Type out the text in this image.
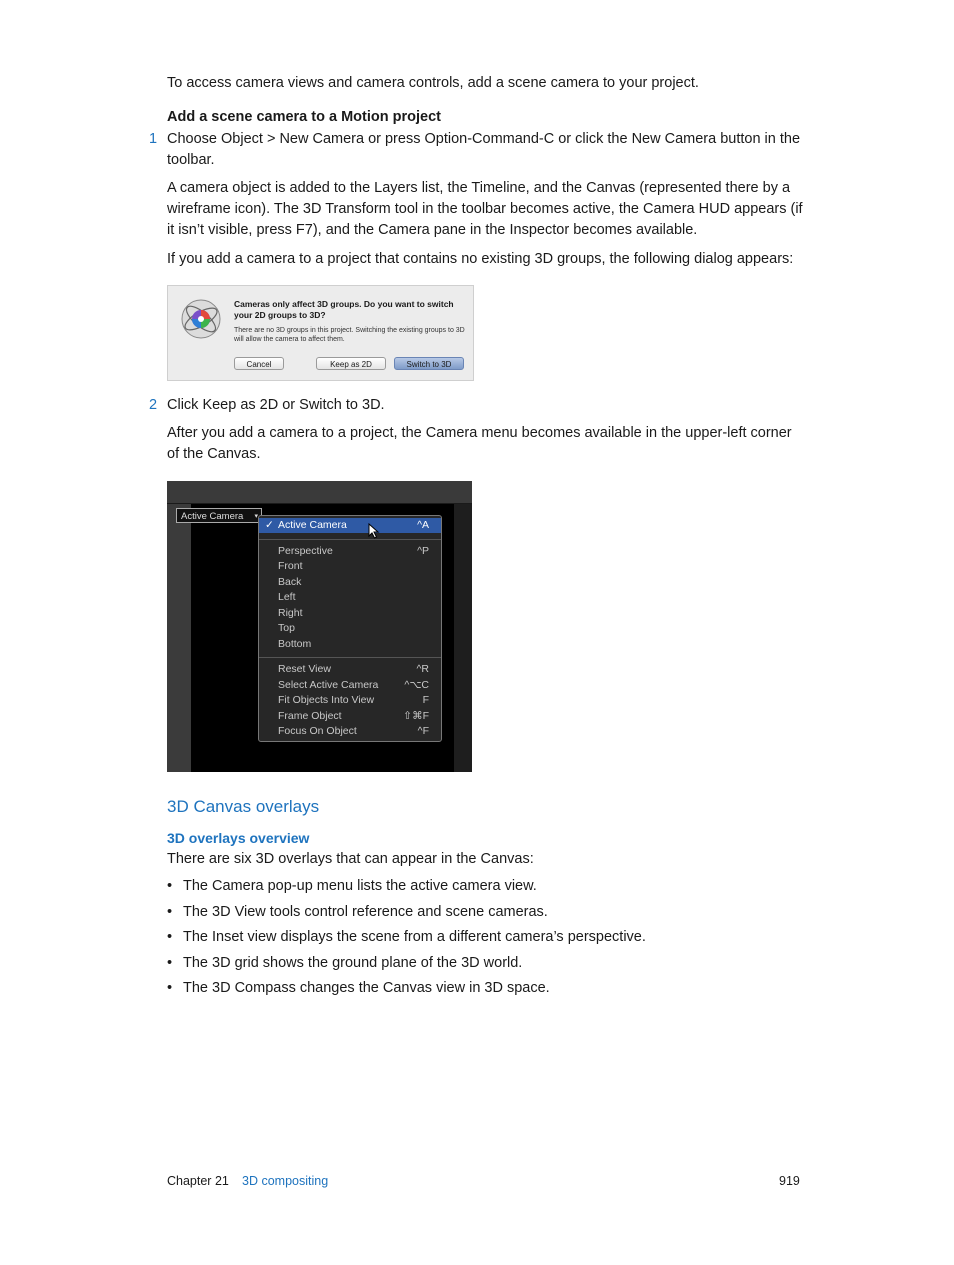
To access camera views and camera controls, add a scene camera to your project.

Add a scene camera to a Motion project
1 Choose Object > New Camera or press Option-Command-C or click the New Camera button in the toolbar.

A camera object is added to the Layers list, the Timeline, and the Canvas (represented there by a wireframe icon). The 3D Transform tool in the toolbar becomes active, the Camera HUD appears (if it isn’t visible, press F7), and the Camera pane in the Inspector becomes available.

If you add a camera to a project that contains no existing 3D groups, the following dialog appears:

Cameras only affect 3D groups. Do you want to switch your 2D groups to 3D?
There are no 3D groups in this project. Switching the existing groups to 3D will allow the camera to affect them.
Cancel	Keep as 2D	Switch to 3D
2 Click Keep as 2D or Switch to 3D.

After you add a camera to a project, the Camera menu becomes available in the upper-left corner of the Canvas.

Active Camera ▾
✓ Active Camera	^A
Perspective	^P
Front
Back
Left
Right
Top
Bottom
Reset View	^R
Select Active Camera ^⌥C
Fit Objects Into View	F
Frame Object	⇧⌘F
Focus On Object	^F
3D Canvas overlays
3D overlays overview

There are six 3D overlays that can appear in the Canvas:

• The Camera pop-up menu lists the active camera view.
• The 3D View tools control reference and scene cameras.
• The Inset view displays the scene from a different camera’s perspective.
• The 3D grid shows the ground plane of the 3D world.
• The 3D Compass changes the Canvas view in 3D space.
Chapter 21 3D compositing	919
